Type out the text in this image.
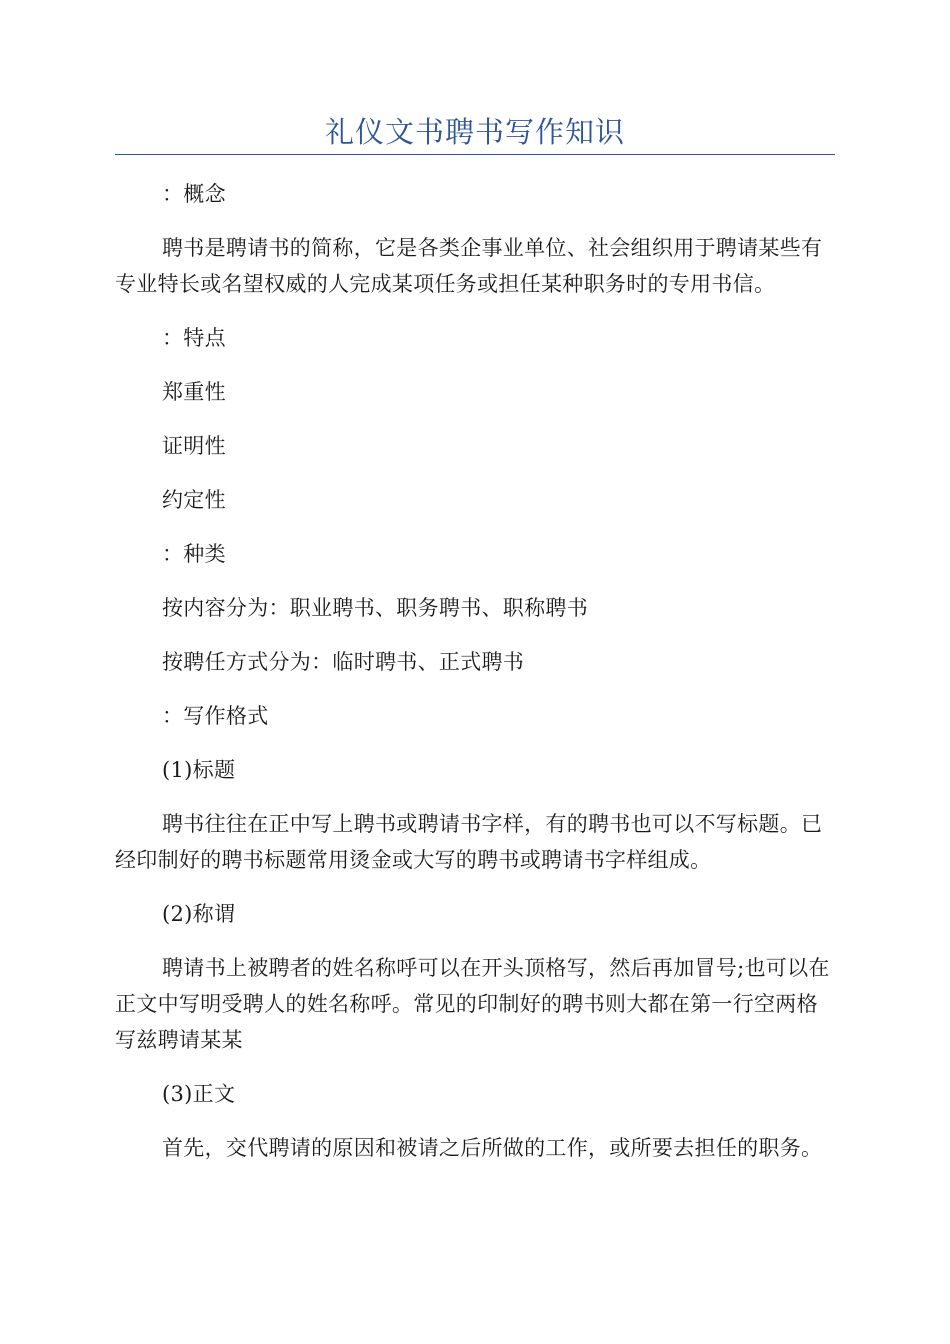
礼仪文书聘书写作知识

：概念

聘书是聘请书的简称，它是各类企事业单位、社会组织用于聘请某些有专业特长或名望权威的人完成某项任务或担任某种职务时的专用书信。

：特点

郑重性

证明性

约定性

：种类

按内容分为：职业聘书、职务聘书、职称聘书

按聘任方式分为：临时聘书、正式聘书

：写作格式

(1)标题

聘书往往在正中写上聘书或聘请书字样，有的聘书也可以不写标题。已经印制好的聘书标题常用烫金或大写的聘书或聘请书字样组成。

(2)称谓

聘请书上被聘者的姓名称呼可以在开头顶格写，然后再加冒号;也可以在正文中写明受聘人的姓名称呼。常见的印制好的聘书则大都在第一行空两格写兹聘请某某

(3)正文

首先，交代聘请的原因和被请之后所做的工作，或所要去担任的职务。
